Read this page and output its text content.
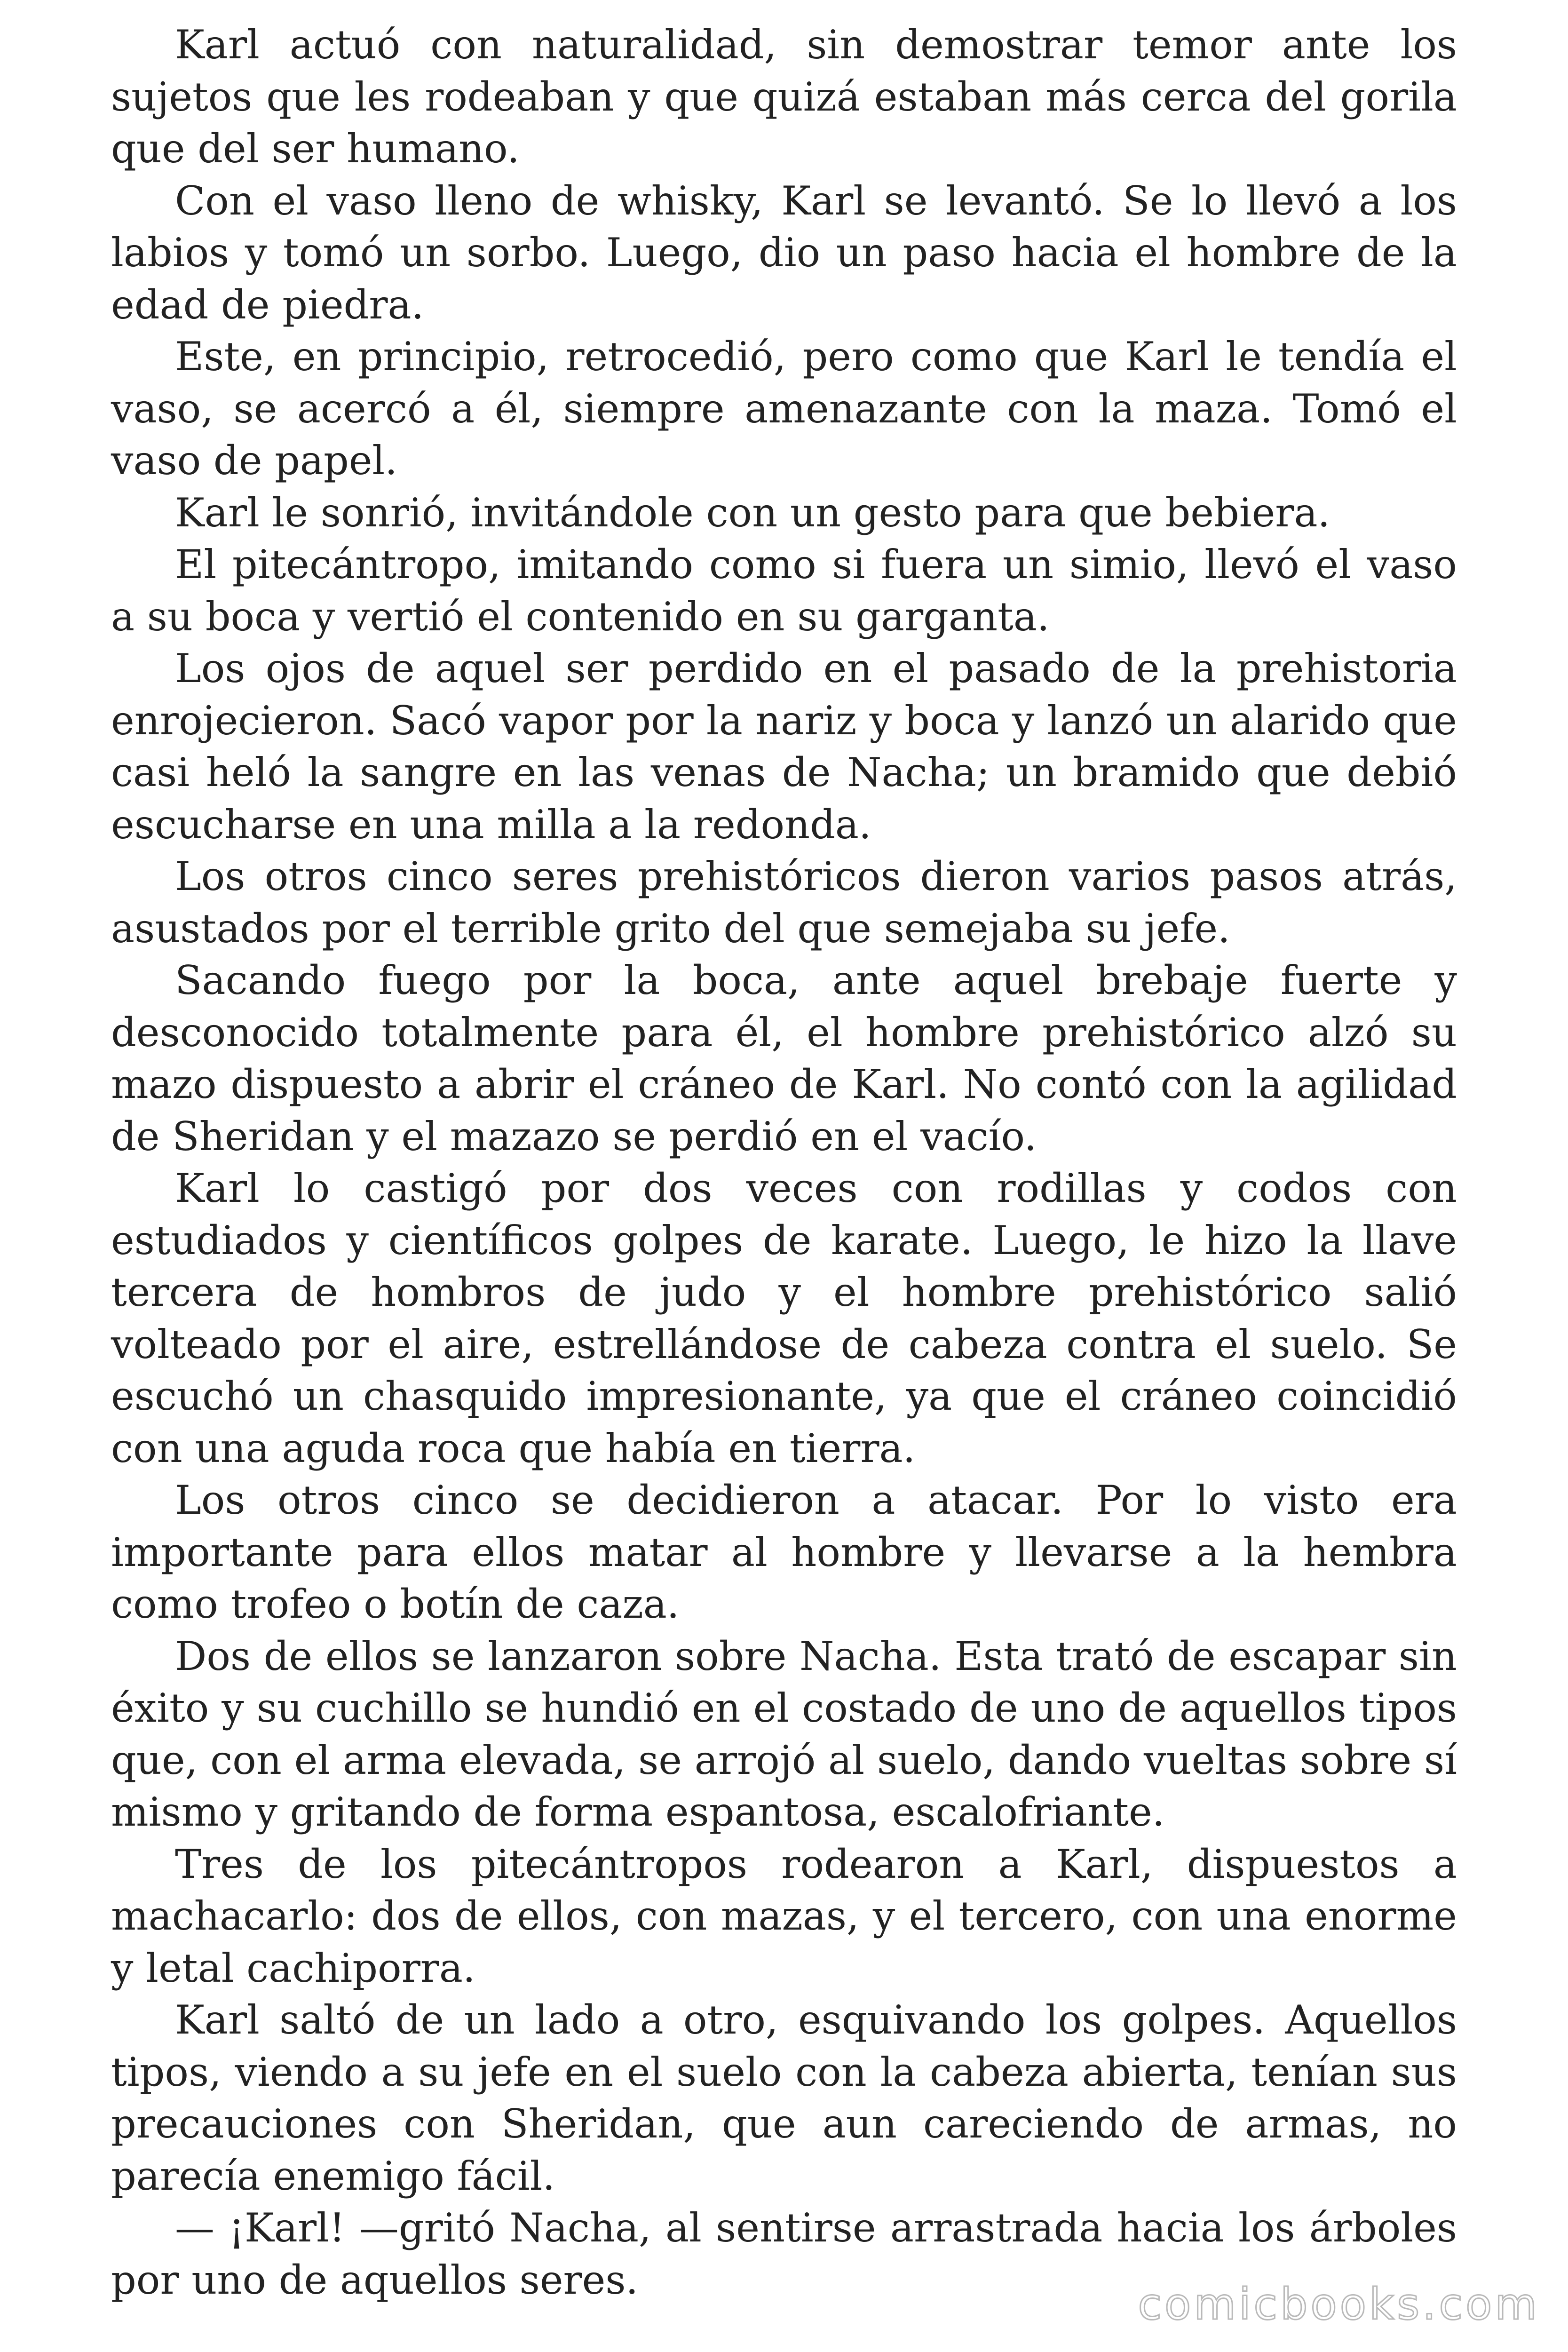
Karl actuó con naturalidad, sin demostrar temor ante los sujetos que les rodeaban y que quizá estaban más cerca del gorila que del ser humano.

Con el vaso lleno de whisky, Karl se levantó. Se lo llevó a los labios y tomó un sorbo. Luego, dio un paso hacia el hombre de la edad de piedra.

Este, en principio, retrocedió, pero como que Karl le tendía el vaso, se acercó a él, siempre amenazante con la maza. Tomó el vaso de papel.

Karl le sonrió, invitándole con un gesto para que bebiera.

El pitecántropo, imitando como si fuera un simio, llevó el vaso a su boca y vertió el contenido en su garganta.

Los ojos de aquel ser perdido en el pasado de la prehistoria enrojecieron. Sacó vapor por la nariz y boca y lanzó un alarido que casi heló la sangre en las venas de Nacha; un bramido que debió escucharse en una milla a la redonda.

Los otros cinco seres prehistóricos dieron varios pasos atrás, asustados por el terrible grito del que semejaba su jefe.

Sacando fuego por la boca, ante aquel brebaje fuerte y desconocido totalmente para él, el hombre prehistórico alzó su mazo dispuesto a abrir el cráneo de Karl. No contó con la agilidad de Sheridan y el mazazo se perdió en el vacío.

Karl lo castigó por dos veces con rodillas y codos con estudiados y científicos golpes de karate. Luego, le hizo la llave tercera de hombros de judo y el hombre prehistórico salió volteado por el aire, estrellándose de cabeza contra el suelo. Se escuchó un chasquido impresionante, ya que el cráneo coincidió con una aguda roca que había en tierra.

Los otros cinco se decidieron a atacar. Por lo visto era importante para ellos matar al hombre y llevarse a la hembra como trofeo o botín de caza.

Dos de ellos se lanzaron sobre Nacha. Esta trató de escapar sin éxito y su cuchillo se hundió en el costado de uno de aquellos tipos que, con el arma elevada, se arrojó al suelo, dando vueltas sobre sí mismo y gritando de forma espantosa, escalofriante.

Tres de los pitecántropos rodearon a Karl, dispuestos a machacarlo: dos de ellos, con mazas, y el tercero, con una enorme y letal cachiporra.

Karl saltó de un lado a otro, esquivando los golpes. Aquellos tipos, viendo a su jefe en el suelo con la cabeza abierta, tenían sus precauciones con Sheridan, que aun careciendo de armas, no parecía enemigo fácil.

— ¡Karl! —gritó Nacha, al sentirse arrastrada hacia los árboles por uno de aquellos seres.	comicbooks.com
